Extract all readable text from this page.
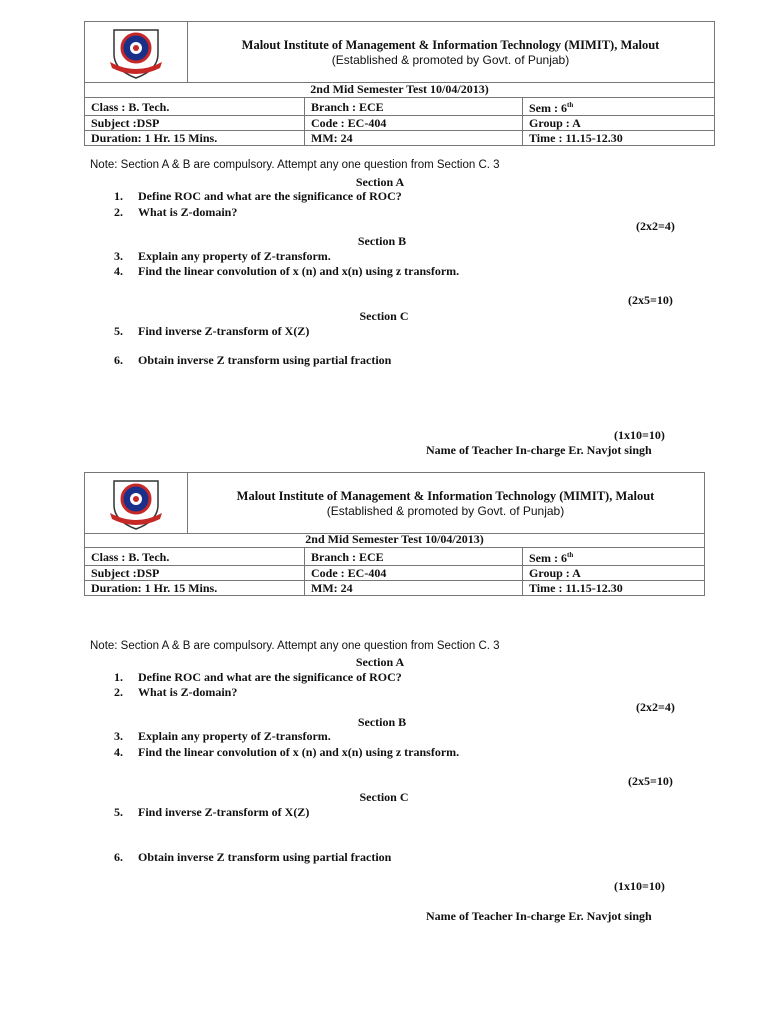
Malout Institute of Management & Information Technology (MIMIT), Malout
(Established & promoted by Govt. of Punjab)
2nd Mid Semester Test 10/04/2013)
Class : B. Tech.	Branch : ECE	Sem : 6th
Subject :DSP	Code : EC-404	Group : A
Duration: 1 Hr. 15 Mins.	MM: 24	Time : 11.15-12.30
Note: Section A & B are compulsory. Attempt any one question from Section C. 3
Section A
1. Define ROC and what are the significance of ROC?
2. What is Z-domain?
(2x2=4)
Section B
3. Explain any property of Z-transform.
4. Find the linear convolution of x (n) and x(n) using z transform.
(2x5=10)
Section C
5. Find inverse Z-transform of X(Z)
6. Obtain inverse Z transform using partial fraction
(1x10=10)
Name of Teacher In-charge Er. Navjot singh
Malout Institute of Management & Information Technology (MIMIT), Malout
(Established & promoted by Govt. of Punjab)
2nd Mid Semester Test 10/04/2013)
Class : B. Tech.	Branch : ECE	Sem : 6th
Subject :DSP	Code : EC-404	Group : A
Duration: 1 Hr. 15 Mins.	MM: 24	Time : 11.15-12.30
Note: Section A & B are compulsory. Attempt any one question from Section C. 3
Section A
1. Define ROC and what are the significance of ROC?
2. What is Z-domain?
(2x2=4)
Section B
3. Explain any property of Z-transform.
4. Find the linear convolution of x (n) and x(n) using z transform.
(2x5=10)
Section C
5. Find inverse Z-transform of X(Z)
6. Obtain inverse Z transform using partial fraction
(1x10=10)
Name of Teacher In-charge Er. Navjot singh
